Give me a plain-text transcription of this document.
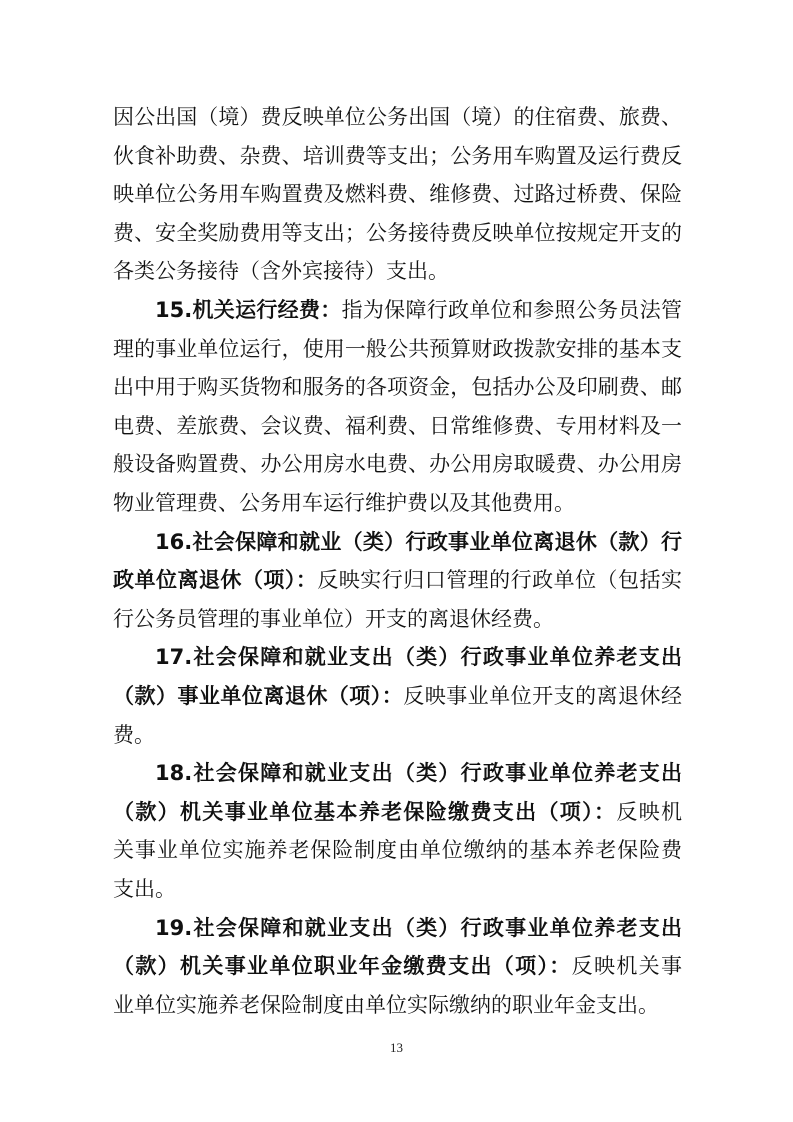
因公出国（境）费反映单位公务出国（境）的住宿费、旅费、
伙食补助费、杂费、培训费等支出；公务用车购置及运行费反
映单位公务用车购置费及燃料费、维修费、过路过桥费、保险
费、安全奖励费用等支出；公务接待费反映单位按规定开支的
各类公务接待（含外宾接待）支出。
15.机关运行经费：指为保障行政单位和参照公务员法管
理的事业单位运行，使用一般公共预算财政拨款安排的基本支
出中用于购买货物和服务的各项资金，包括办公及印刷费、邮
电费、差旅费、会议费、福利费、日常维修费、专用材料及一
般设备购置费、办公用房水电费、办公用房取暖费、办公用房
物业管理费、公务用车运行维护费以及其他费用。
16.社会保障和就业（类）行政事业单位离退休（款）行
政单位离退休（项）：反映实行归口管理的行政单位（包括实
行公务员管理的事业单位）开支的离退休经费。
17.社会保障和就业支出（类）行政事业单位养老支出
（款）事业单位离退休（项）：反映事业单位开支的离退休经
费。
18.社会保障和就业支出（类）行政事业单位养老支出
（款）机关事业单位基本养老保险缴费支出（项）：反映机
关事业单位实施养老保险制度由单位缴纳的基本养老保险费
支出。
19.社会保障和就业支出（类）行政事业单位养老支出
（款）机关事业单位职业年金缴费支出（项）：反映机关事
业单位实施养老保险制度由单位实际缴纳的职业年金支出。
13
